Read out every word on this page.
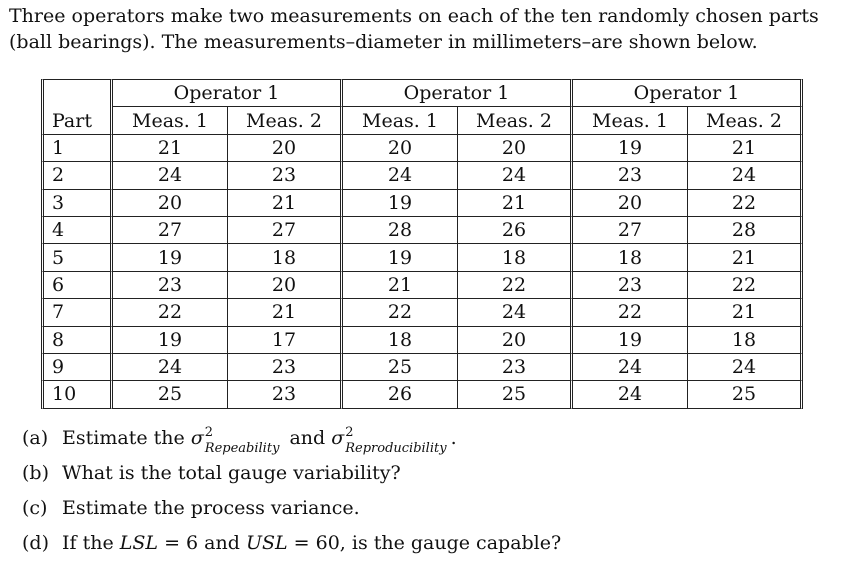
Three operators make two measurements on each of the ten randomly chosen parts (ball bearings). The measurements–diameter in millimeters–are shown below.

	Operator 1		Operator 1		Operator 1	
Part	Meas. 1	Meas. 2	Meas. 1	Meas. 2	Meas. 1	Meas. 2
1	21	20	20	20	19	21
2	24	23	24	24	23	24
3	20	21	19	21	20	22
4	27	27	28	26	27	28
5	19	18	19	18	18	21
6	23	20	21	22	23	22
7	22	21	22	24	22	21
8	19	17	18	20	19	18
9	24	23	25	23	24	24
10	25	23	26	25	24	25
(a) Estimate the σ 2
Repeability and σ 2
Reproducibility .
(b) What is the total gauge variability?
(c) Estimate the process variance.
(d) If the LSL = 6 and USL = 60, is the gauge capable?
